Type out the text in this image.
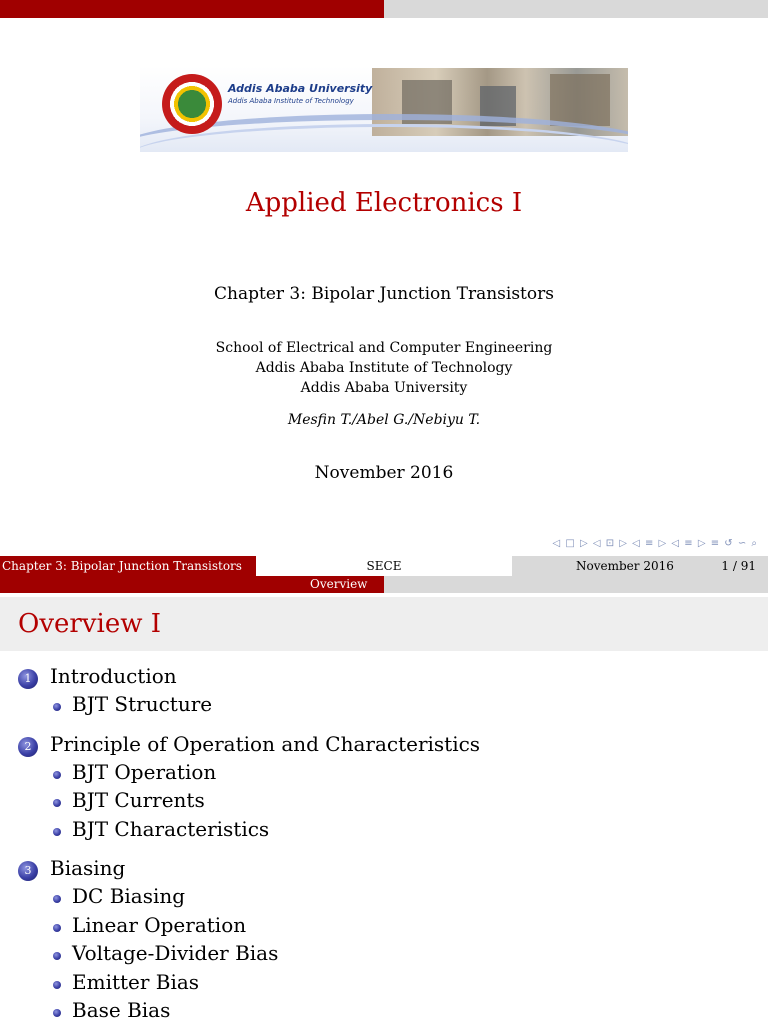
Addis Ababa University
Addis Ababa Institute of Technology
Applied Electronics I
Chapter 3: Bipolar Junction Transistors
School of Electrical and Computer Engineering
Addis Ababa Institute of Technology
Addis Ababa University
Mesfin T./Abel G./Nebiyu T.
November 2016
◁ □ ▷ ◁ ⊡ ▷ ◁ ≡ ▷ ◁ ≡ ▷ ≡ ↺ ∽ ⌕
Chapter 3: Bipolar Junction Transistors	SECE	November 2016	1 / 91
Overview
Overview I
1 Introduction
BJT Structure
2 Principle of Operation and Characteristics
BJT Operation
BJT Currents
BJT Characteristics
3 Biasing
DC Biasing
Linear Operation
Voltage-Divider Bias
Emitter Bias
Base Bias
